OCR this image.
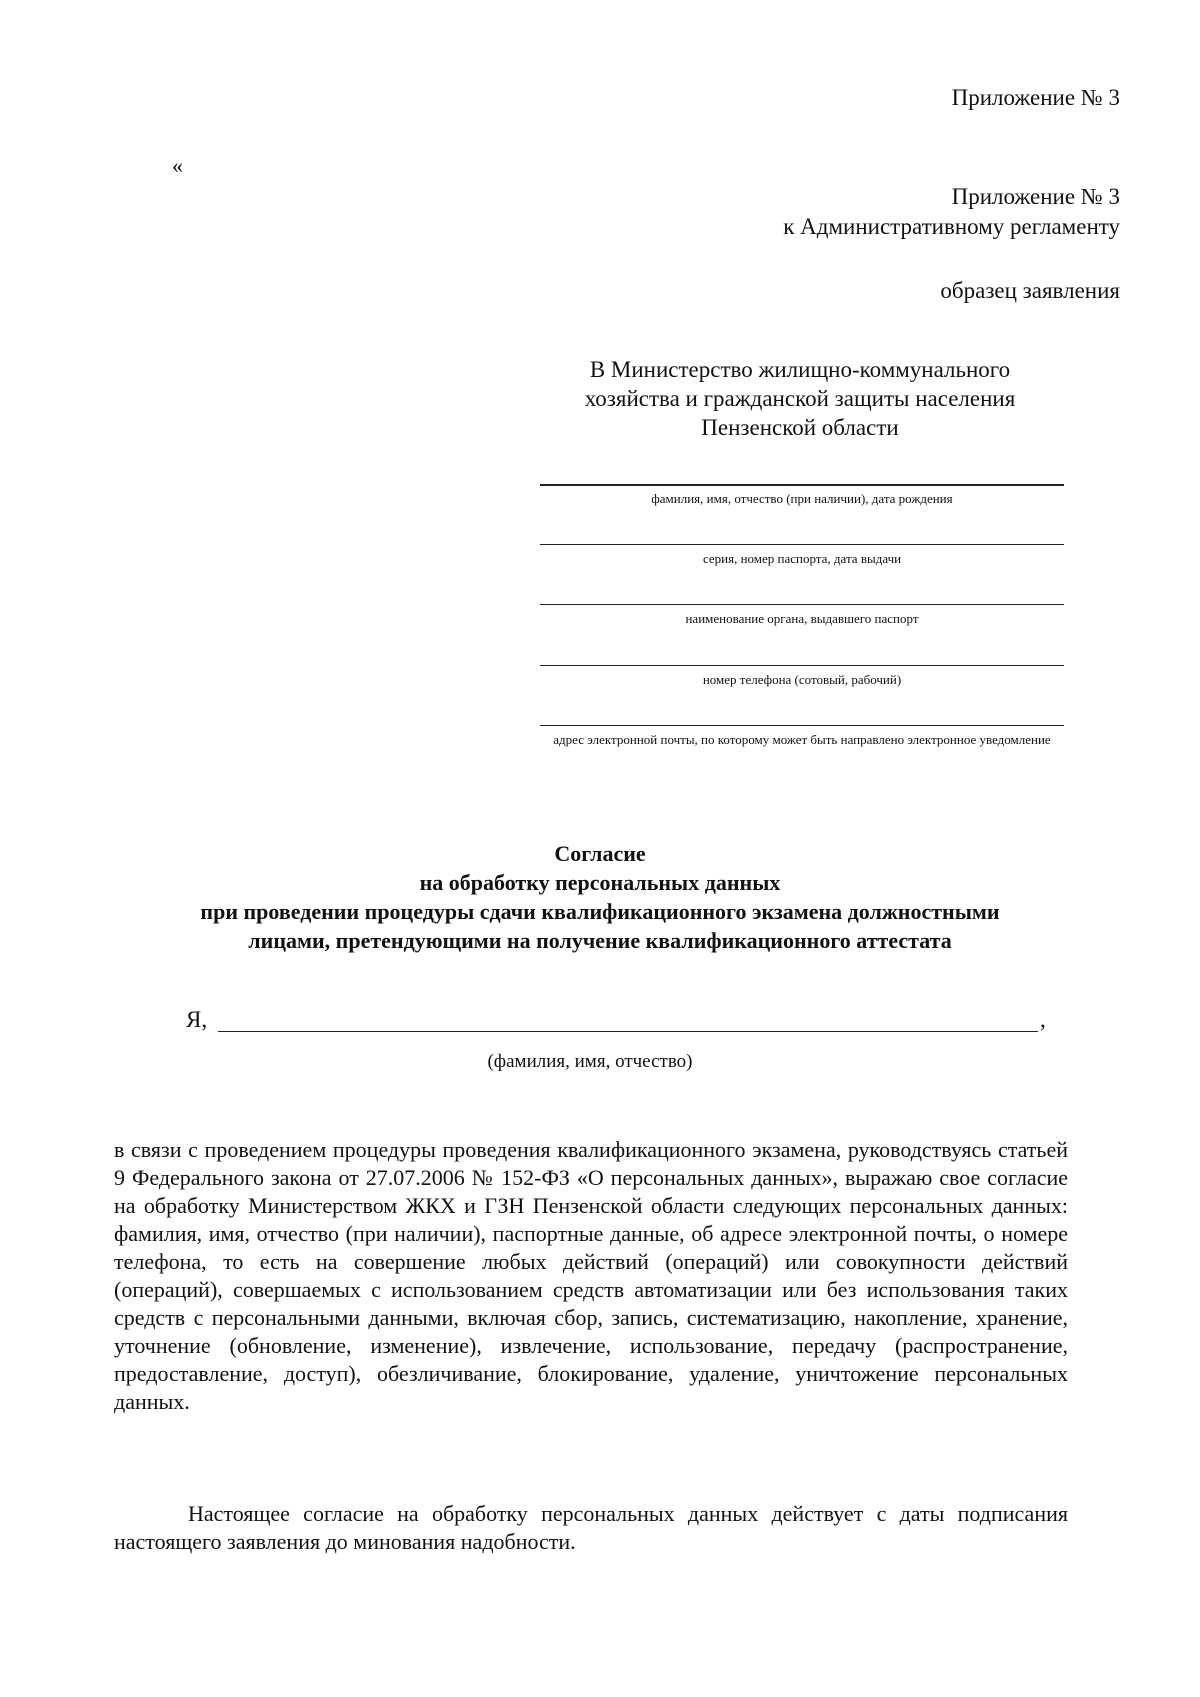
Приложение № 3
«
Приложение № 3
к Административному регламенту
образец заявления
В Министерство жилищно-коммунального
хозяйства и гражданской защиты населения
Пензенской области
фамилия, имя, отчество (при наличии), дата рождения
серия, номер паспорта, дата выдачи
наименование органа, выдавшего паспорт
номер телефона (сотовый, рабочий)
адрес электронной почты, по которому может быть направлено электронное уведомление
Согласие
на обработку персональных данных
при проведении процедуры сдачи квалификационного экзамена должностными
лицами, претендующими на получение квалификационного аттестата
Я,	,
(фамилия, имя, отчество)
в связи с проведением процедуры проведения квалификационного экзамена, руководствуясь статьей 9 Федерального закона от 27.07.2006 № 152-ФЗ «О персональных данных», выражаю свое согласие на обработку Министерством ЖКХ и ГЗН Пензенской области следующих персональных данных: фамилия, имя, отчество (при наличии), паспортные данные, об адресе электронной почты, о номере телефона, то есть на совершение любых действий (операций) или совокупности действий (операций), совершаемых с использованием средств автоматизации или без использования таких средств с персональными данными, включая сбор, запись, систематизацию, накопление, хранение, уточнение (обновление, изменение), извлечение, использование, передачу (распространение, предоставление, доступ), обезличивание, блокирование, удаление, уничтожение персональных данных.
Настоящее согласие на обработку персональных данных действует с даты подписания настоящего заявления до минования надобности.
